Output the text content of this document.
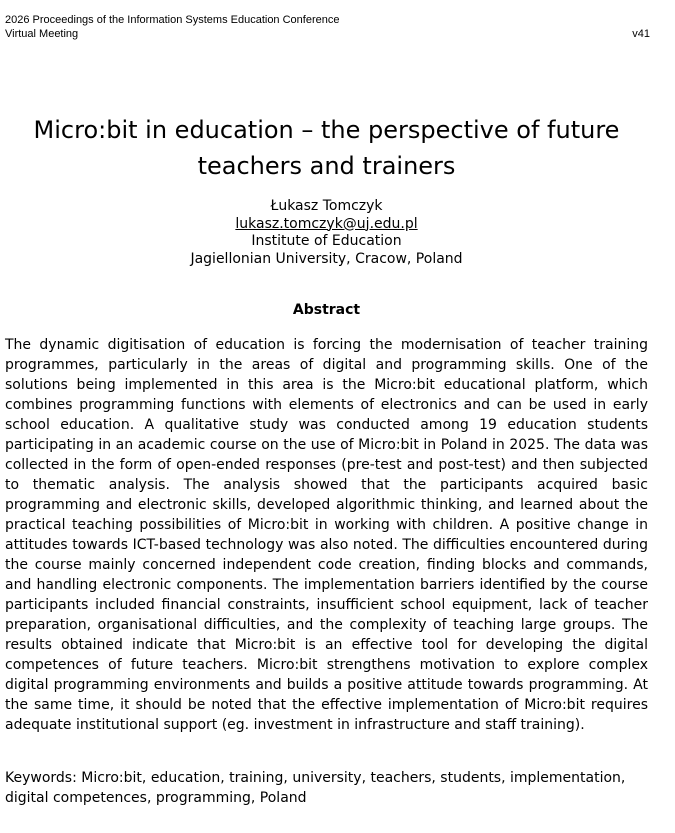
2026 Proceedings of the Information Systems Education Conference
Virtual Meeting	v41
Micro:bit in education – the perspective of future
teachers and trainers
Łukasz Tomczyk
lukasz.tomczyk@uj.edu.pl
Institute of Education
Jagiellonian University, Cracow, Poland
Abstract

The dynamic digitisation of education is forcing the modernisation of teacher training programmes, particularly in the areas of digital and programming skills. One of the solutions being implemented in this area is the Micro:bit educational platform, which combines programming functions with elements of electronics and can be used in early school education. A qualitative study was conducted among 19 education students participating in an academic course on the use of Micro:bit in Poland in 2025. The data was collected in the form of open-ended responses (pre-test and post-test) and then subjected to thematic analysis. The analysis showed that the participants acquired basic programming and electronic skills, developed algorithmic thinking, and learned about the practical teaching possibilities of Micro:bit in working with children. A positive change in attitudes towards ICT-based technology was also noted. The difficulties encountered during the course mainly concerned independent code creation, finding blocks and commands, and handling electronic components. The implementation barriers identified by the course participants included financial constraints, insufficient school equipment, lack of teacher preparation, organisational difficulties, and the complexity of teaching large groups. The results obtained indicate that Micro:bit is an effective tool for developing the digital competences of future teachers. Micro:bit strengthens motivation to explore complex digital programming environments and builds a positive attitude towards programming. At the same time, it should be noted that the effective implementation of Micro:bit requires adequate institutional support (eg. investment in infrastructure and staff training).

Keywords: Micro:bit, education, training, university, teachers, students, implementation, digital competences, programming, Poland
